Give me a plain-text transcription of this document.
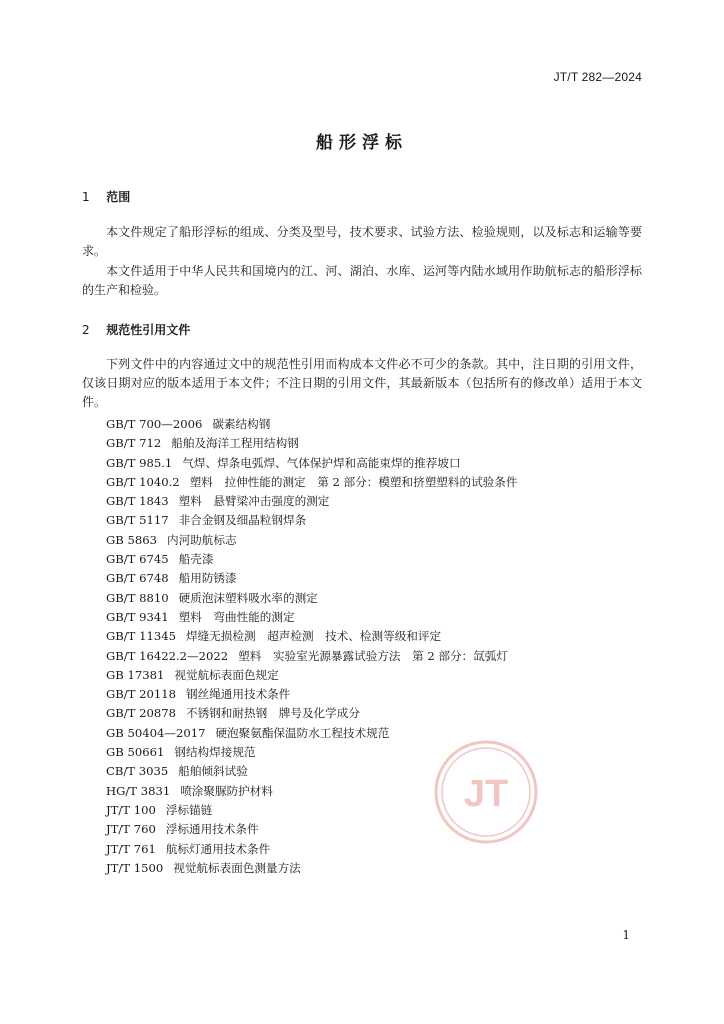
JT/T 282—2024
船形浮标
1 范围
本文件规定了船形浮标的组成、分类及型号，技术要求、试验方法、检验规则，以及标志和运输等要求。
本文件适用于中华人民共和国境内的江、河、湖泊、水库、运河等内陆水域用作助航标志的船形浮标的生产和检验。
2 规范性引用文件
下列文件中的内容通过文中的规范性引用而构成本文件必不可少的条款。其中，注日期的引用文件，仅该日期对应的版本适用于本文件；不注日期的引用文件，其最新版本（包括所有的修改单）适用于本文件。
GB/T 700—2006 碳素结构钢
GB/T 712 船舶及海洋工程用结构钢
GB/T 985.1 气焊、焊条电弧焊、气体保护焊和高能束焊的推荐坡口
GB/T 1040.2 塑料　拉伸性能的测定　第 2 部分：模塑和挤塑塑料的试验条件
GB/T 1843 塑料　悬臂梁冲击强度的测定
GB/T 5117 非合金钢及细晶粒钢焊条
GB 5863 内河助航标志
GB/T 6745 船壳漆
GB/T 6748 船用防锈漆
GB/T 8810 硬质泡沫塑料吸水率的测定
GB/T 9341 塑料　弯曲性能的测定
GB/T 11345 焊缝无损检测　超声检测　技术、检测等级和评定
GB/T 16422.2—2022 塑料　实验室光源暴露试验方法　第 2 部分：氙弧灯
GB 17381 视觉航标表面色规定
GB/T 20118 钢丝绳通用技术条件
GB/T 20878 不锈钢和耐热钢　牌号及化学成分
GB 50404—2017 硬泡聚氨酯保温防水工程技术规范
GB 50661 钢结构焊接规范
CB/T 3035 船舶倾斜试验
HG/T 3831 喷涂聚脲防护材料
JT/T 100 浮标锚链
JT/T 760 浮标通用技术条件
JT/T 761 航标灯通用技术条件
JT/T 1500 视觉航标表面色测量方法
JT
1
